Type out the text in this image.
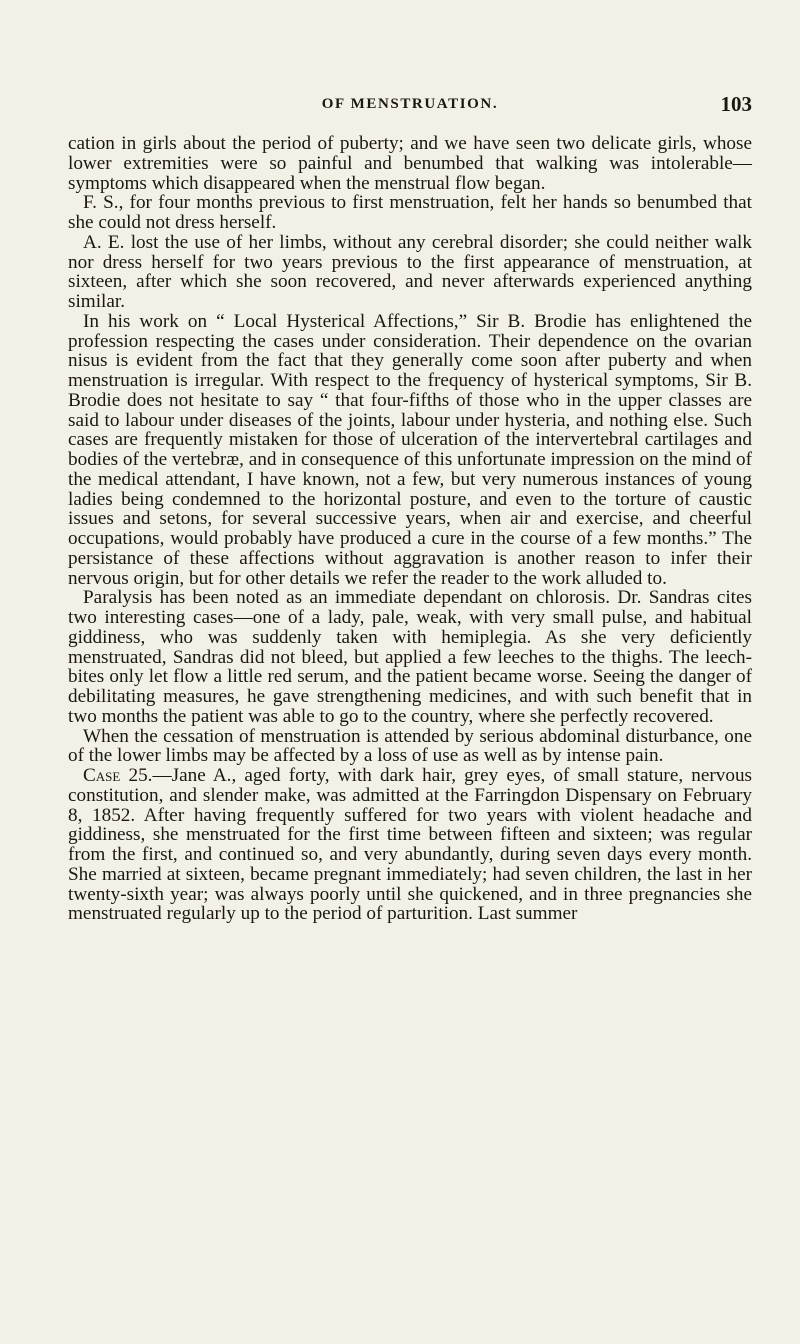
OF MENSTRUATION.	103

cation in girls about the period of puberty; and we have seen two delicate girls, whose lower extremities were so painful and benumbed that walking was intolerable—symptoms which disappeared when the menstrual flow began.

F. S., for four months previous to first menstruation, felt her hands so benumbed that she could not dress herself.

A. E. lost the use of her limbs, without any cerebral disorder; she could neither walk nor dress herself for two years previous to the first appearance of menstruation, at sixteen, after which she soon recovered, and never afterwards experienced anything similar.

In his work on “ Local Hysterical Affections,” Sir B. Brodie has enlightened the profession respecting the cases under consideration. Their dependence on the ovarian nisus is evident from the fact that they generally come soon after puberty and when menstruation is irregular. With respect to the frequency of hysterical symptoms, Sir B. Brodie does not hesitate to say “ that four-fifths of those who in the upper classes are said to labour under diseases of the joints, labour under hysteria, and nothing else. Such cases are frequently mistaken for those of ulceration of the intervertebral cartilages and bodies of the vertebræ, and in consequence of this unfortunate impression on the mind of the medical attendant, I have known, not a few, but very numerous instances of young ladies being condemned to the horizontal posture, and even to the torture of caustic issues and setons, for several successive years, when air and exercise, and cheerful occupations, would probably have produced a cure in the course of a few months.” The persistance of these affections without aggravation is another reason to infer their nervous origin, but for other details we refer the reader to the work alluded to.

Paralysis has been noted as an immediate dependant on chlorosis. Dr. Sandras cites two interesting cases—one of a lady, pale, weak, with very small pulse, and habitual giddiness, who was suddenly taken with hemiplegia. As she very deficiently menstruated, Sandras did not bleed, but applied a few leeches to the thighs. The leech-bites only let flow a little red serum, and the patient became worse. Seeing the danger of debilitating measures, he gave strengthening medicines, and with such benefit that in two months the patient was able to go to the country, where she perfectly recovered.

When the cessation of menstruation is attended by serious abdominal disturbance, one of the lower limbs may be affected by a loss of use as well as by intense pain.

Case 25.—Jane A., aged forty, with dark hair, grey eyes, of small stature, nervous constitution, and slender make, was admitted at the Farringdon Dispensary on February 8, 1852. After having frequently suffered for two years with violent headache and giddiness, she menstruated for the first time between fifteen and sixteen; was regular from the first, and continued so, and very abundantly, during seven days every month. She married at sixteen, became pregnant immediately; had seven children, the last in her twenty-sixth year; was always poorly until she quickened, and in three pregnancies she menstruated regularly up to the period of parturition. Last summer
